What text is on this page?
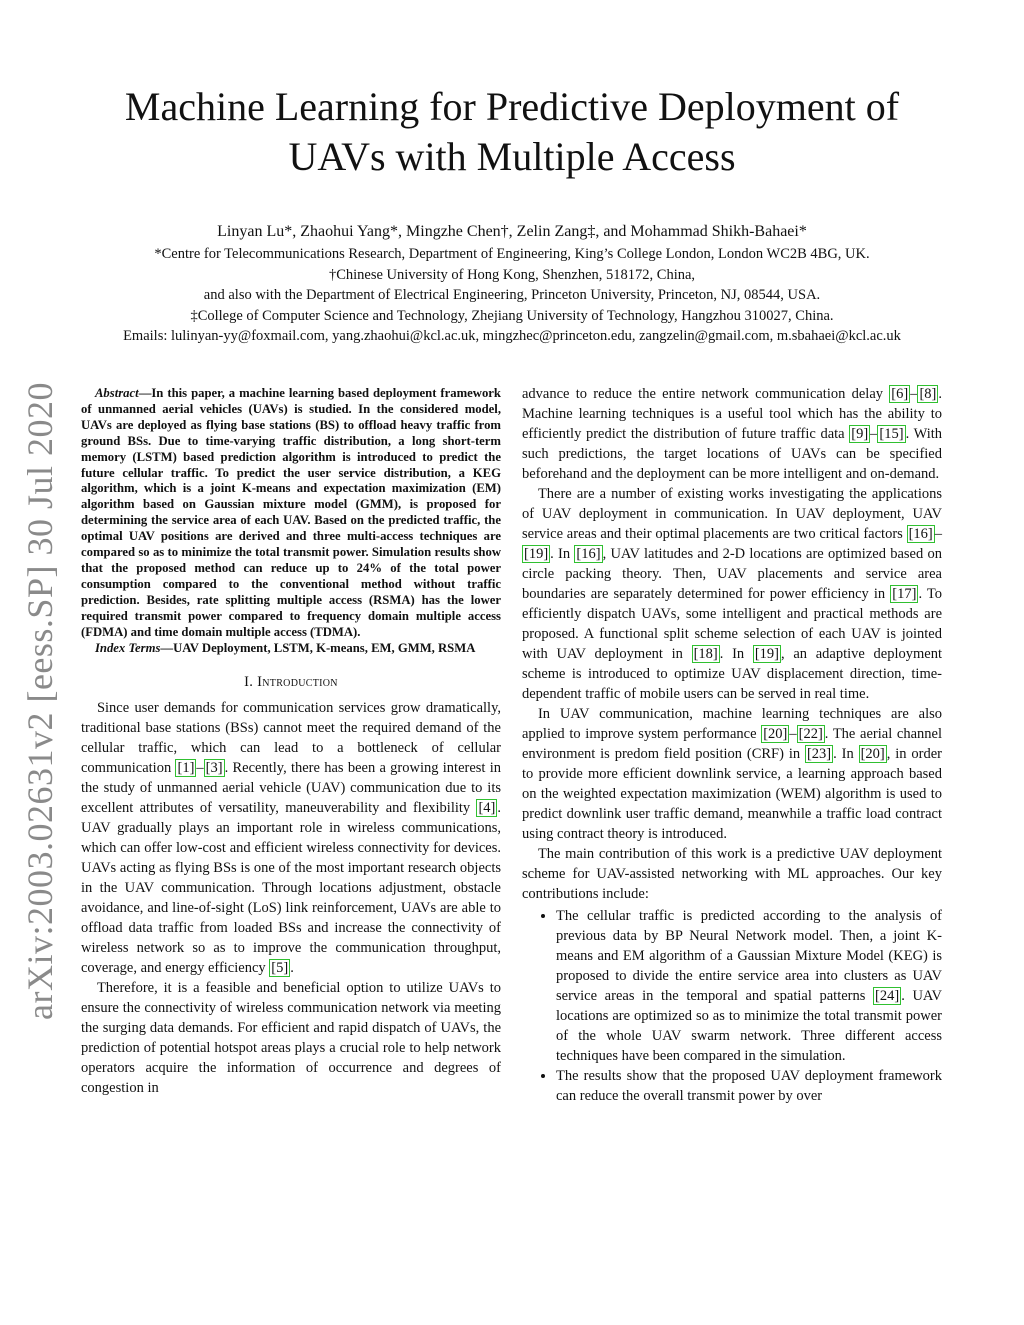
arXiv:2003.02631v2 [eess.SP] 30 Jul 2020
Machine Learning for Predictive Deployment of
UAVs with Multiple Access
Linyan Lu*, Zhaohui Yang*, Mingzhe Chen†, Zelin Zang‡, and Mohammad Shikh-Bahaei*
*Centre for Telecommunications Research, Department of Engineering, King’s College London, London WC2B 4BG, UK.
†Chinese University of Hong Kong, Shenzhen, 518172, China,
and also with the Department of Electrical Engineering, Princeton University, Princeton, NJ, 08544, USA.
‡College of Computer Science and Technology, Zhejiang University of Technology, Hangzhou 310027, China.
Emails: lulinyan-yy@foxmail.com, yang.zhaohui@kcl.ac.uk, mingzhec@princeton.edu, zangzelin@gmail.com, m.sbahaei@kcl.ac.uk

Abstract—In this paper, a machine learning based deployment framework of unmanned aerial vehicles (UAVs) is studied. In the considered model, UAVs are deployed as flying base stations (BS) to offload heavy traffic from ground BSs. Due to time-varying traffic distribution, a long short-term memory (LSTM) based prediction algorithm is introduced to predict the future cellular traffic. To predict the user service distribution, a KEG algorithm, which is a joint K-means and expectation maximization (EM) algorithm based on Gaussian mixture model (GMM), is proposed for determining the service area of each UAV. Based on the predicted traffic, the optimal UAV positions are derived and three multi-access techniques are compared so as to minimize the total transmit power. Simulation results show that the proposed method can reduce up to 24% of the total power consumption compared to the conventional method without traffic prediction. Besides, rate splitting multiple access (RSMA) has the lower required transmit power compared to frequency domain multiple access (FDMA) and time domain multiple access (TDMA).

Index Terms—UAV Deployment, LSTM, K-means, EM, GMM, RSMA

I. Introduction

Since user demands for communication services grow dramatically, traditional base stations (BSs) cannot meet the required demand of the cellular traffic, which can lead to a bottleneck of cellular communication [1] – [3] . Recently, there has been a growing interest in the study of unmanned aerial vehicle (UAV) communication due to its excellent attributes of versatility, maneuverability and flexibility [4] . UAV gradually plays an important role in wireless communications, which can offer low-cost and efficient wireless connectivity for devices. UAVs acting as flying BSs is one of the most important research objects in the UAV communication. Through locations adjustment, obstacle avoidance, and line-of-sight (LoS) link reinforcement, UAVs are able to offload data traffic from loaded BSs and increase the connectivity of wireless network so as to improve the communication throughput, coverage, and energy efficiency [5] .

Therefore, it is a feasible and beneficial option to utilize UAVs to ensure the connectivity of wireless communication network via meeting the surging data demands. For efficient and rapid dispatch of UAVs, the prediction of potential hotspot areas plays a crucial role to help network operators acquire the information of occurrence and degrees of congestion in

advance to reduce the entire network communication delay [6] – [8] . Machine learning techniques is a useful tool which has the ability to efficiently predict the distribution of future traffic data [9] – [15] . With such predictions, the target locations of UAVs can be specified beforehand and the deployment can be more intelligent and on-demand.

There are a number of existing works investigating the applications of UAV deployment in communication. In UAV deployment, UAV service areas and their optimal placements are two critical factors [16] –[19] . In [16] , UAV latitudes and 2-D locations are optimized based on circle packing theory. Then, UAV placements and service area boundaries are separately determined for power efficiency in [17] . To efficiently dispatch UAVs, some intelligent and practical methods are proposed. A functional split scheme selection of each UAV is jointed with UAV deployment in [18] . In [19] , an adaptive deployment scheme is introduced to optimize UAV displacement direction, time-dependent traffic of mobile users can be served in real time.

In UAV communication, machine learning techniques are also applied to improve system performance [20] – [22] . The aerial channel environment is predom field position (CRF) in [23] . In [20] , in order to provide more efficient downlink service, a learning approach based on the weighted expectation maximization (WEM) algorithm is used to predict downlink user traffic demand, meanwhile a traffic load contract using contract theory is introduced.

The main contribution of this work is a predictive UAV deployment scheme for UAV-assisted networking with ML approaches. Our key contributions include:

• The cellular traffic is predicted according to the analysis of previous data by BP Neural Network model. Then, a joint K-means and EM algorithm of a Gaussian Mixture Model (KEG) is proposed to divide the entire service area into clusters as UAV service areas in the temporal and spatial patterns [24] . UAV locations are optimized so as to minimize the total transmit power of the whole UAV swarm network. Three different access techniques have been compared in the simulation.
• The results show that the proposed UAV deployment framework can reduce the overall transmit power by over
